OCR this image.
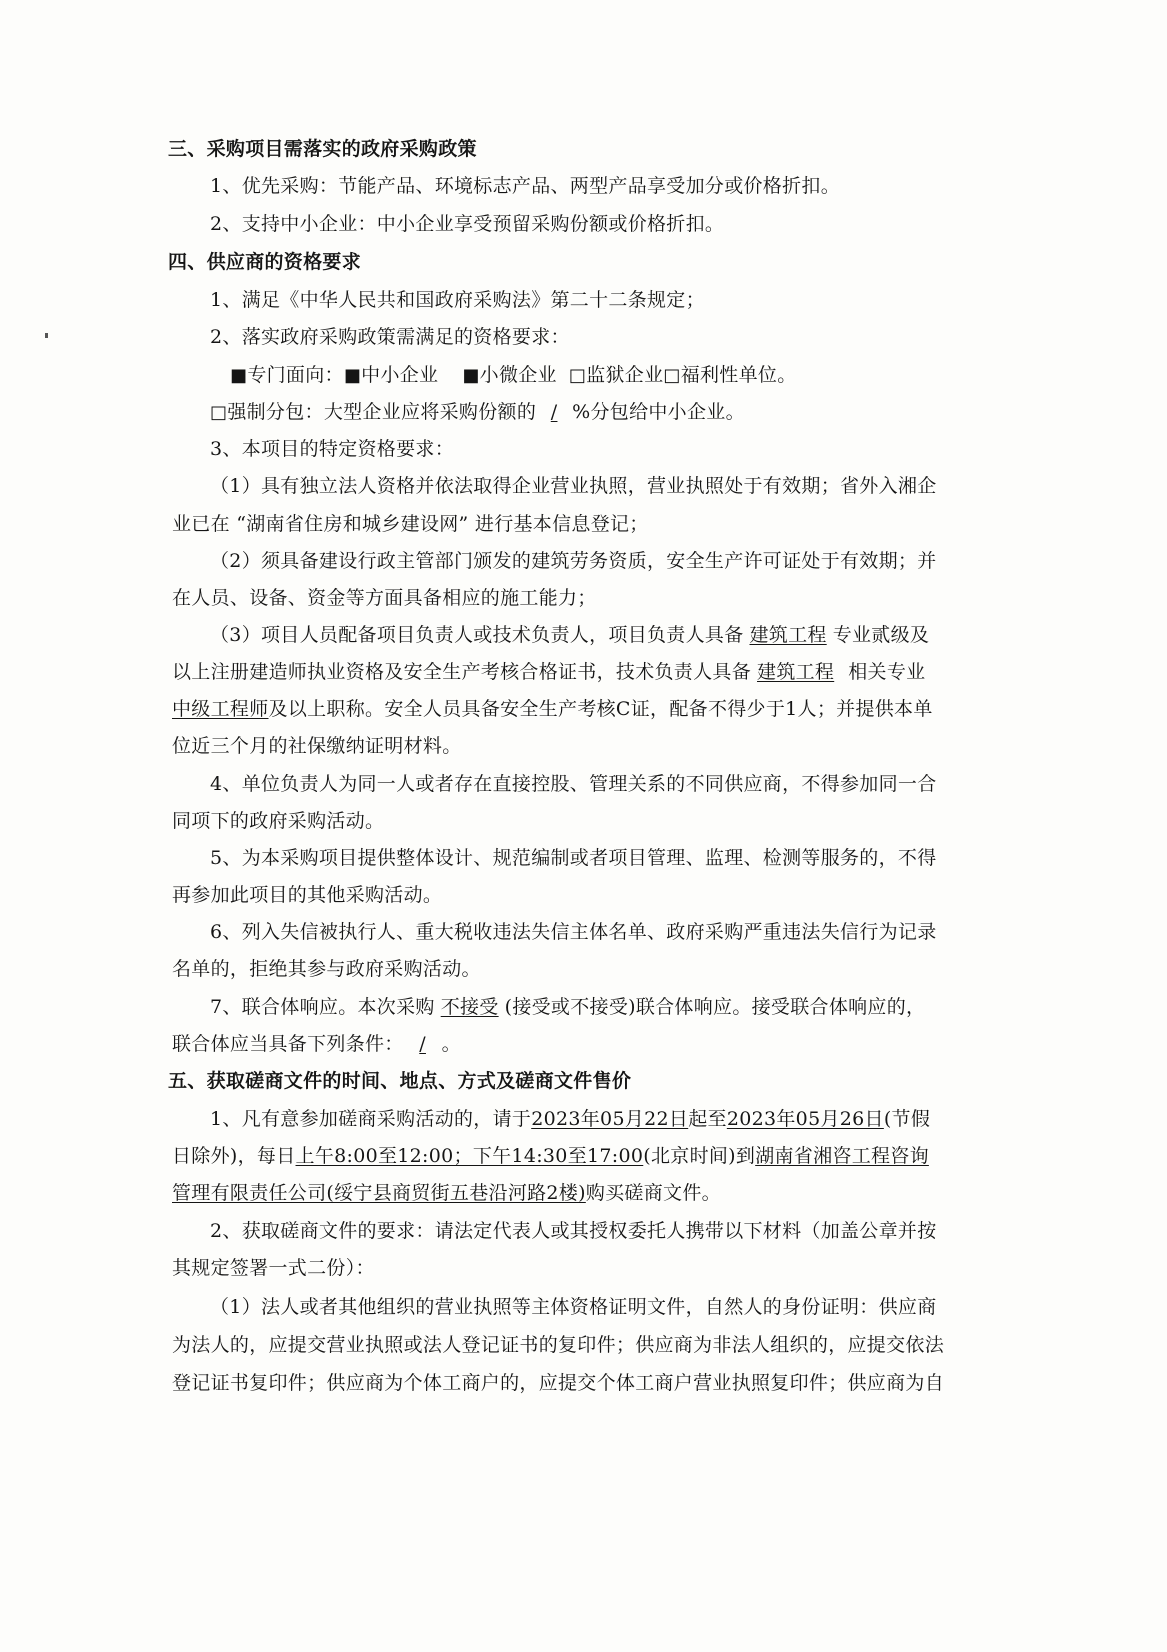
三、采购项目需落实的政府采购政策
1、优先采购：节能产品、环境标志产品、两型产品享受加分或价格折扣。
2、支持中小企业：中小企业享受预留采购份额或价格折扣。
四、供应商的资格要求
1、满足《中华人民共和国政府采购法》第二十二条规定；
2、落实政府采购政策需满足的资格要求：
■专门面向：■中小企业 ■小微企业 □监狱企业□福利性单位。
□强制分包：大型企业应将采购份额的 / %分包给中小企业。
3、本项目的特定资格要求：
（1）具有独立法人资格并依法取得企业营业执照，营业执照处于有效期；省外入湘企
业已在 “湖南省住房和城乡建设网” 进行基本信息登记；
（2）须具备建设行政主管部门颁发的建筑劳务资质，安全生产许可证处于有效期；并
在人员、设备、资金等方面具备相应的施工能力；
（3）项目人员配备项目负责人或技术负责人，项目负责人具备 建筑工程 专业贰级及
以上注册建造师执业资格及安全生产考核合格证书，技术负责人具备 建筑工程 相关专业
中级工程师及以上职称。安全人员具备安全生产考核C证，配备不得少于1人；并提供本单
位近三个月的社保缴纳证明材料。
4、单位负责人为同一人或者存在直接控股、管理关系的不同供应商，不得参加同一合
同项下的政府采购活动。
5、为本采购项目提供整体设计、规范编制或者项目管理、监理、检测等服务的，不得
再参加此项目的其他采购活动。
6、列入失信被执行人、重大税收违法失信主体名单、政府采购严重违法失信行为记录
名单的，拒绝其参与政府采购活动。
7、联合体响应。本次采购 不接受 (接受或不接受)联合体响应。接受联合体响应的，
联合体应当具备下列条件： / 。
五、获取磋商文件的时间、地点、方式及磋商文件售价
1、凡有意参加磋商采购活动的，请于2023年05月22日起至2023年05月26日(节假
日除外)，每日上午8:00至12:00；下午14:30至17:00(北京时间)到湖南省湘咨工程咨询
管理有限责任公司(绥宁县商贸街五巷沿河路2楼)购买磋商文件。
2、获取磋商文件的要求：请法定代表人或其授权委托人携带以下材料（加盖公章并按
其规定签署一式二份）：
（1）法人或者其他组织的营业执照等主体资格证明文件，自然人的身份证明：供应商
为法人的，应提交营业执照或法人登记证书的复印件；供应商为非法人组织的，应提交依法
登记证书复印件；供应商为个体工商户的，应提交个体工商户营业执照复印件；供应商为自
